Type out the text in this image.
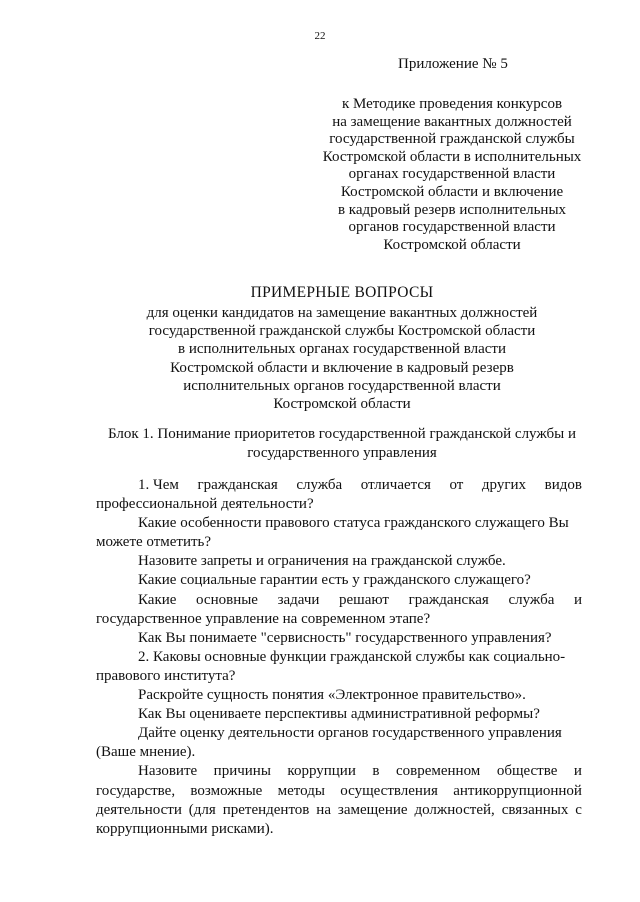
22
Приложение № 5
к Методике проведения конкурсов
на замещение вакантных должностей
государственной гражданской службы
Костромской области в исполнительных
органах государственной власти
Костромской области и включение
в кадровый резерв исполнительных
органов государственной власти
Костромской области
ПРИМЕРНЫЕ ВОПРОСЫ
для оценки кандидатов на замещение вакантных должностей
государственной гражданской службы Костромской области
в исполнительных органах государственной власти
Костромской области и включение в кадровый резерв
исполнительных органов государственной власти
Костромской области
Блок 1. Понимание приоритетов государственной гражданской службы и
государственного управления
1. Чем гражданская служба отличается от других видов
профессиональной деятельности?
Какие особенности правового статуса гражданского служащего Вы
можете отметить?
Назовите запреты и ограничения на гражданской службе.
Какие социальные гарантии есть у гражданского служащего?
Какие основные задачи решают гражданская служба и
государственное управление на современном этапе?
Как Вы понимаете "сервисность" государственного управления?
2. Каковы основные функции гражданской службы как социально-
правового института?
Раскройте сущность понятия «Электронное правительство».
Как Вы оцениваете перспективы административной реформы?
Дайте оценку деятельности органов государственного управления
(Ваше мнение).
Назовите причины коррупции в современном обществе и
государстве, возможные методы осуществления антикоррупционной
деятельности (для претендентов на замещение должностей, связанных с
коррупционными рисками).
